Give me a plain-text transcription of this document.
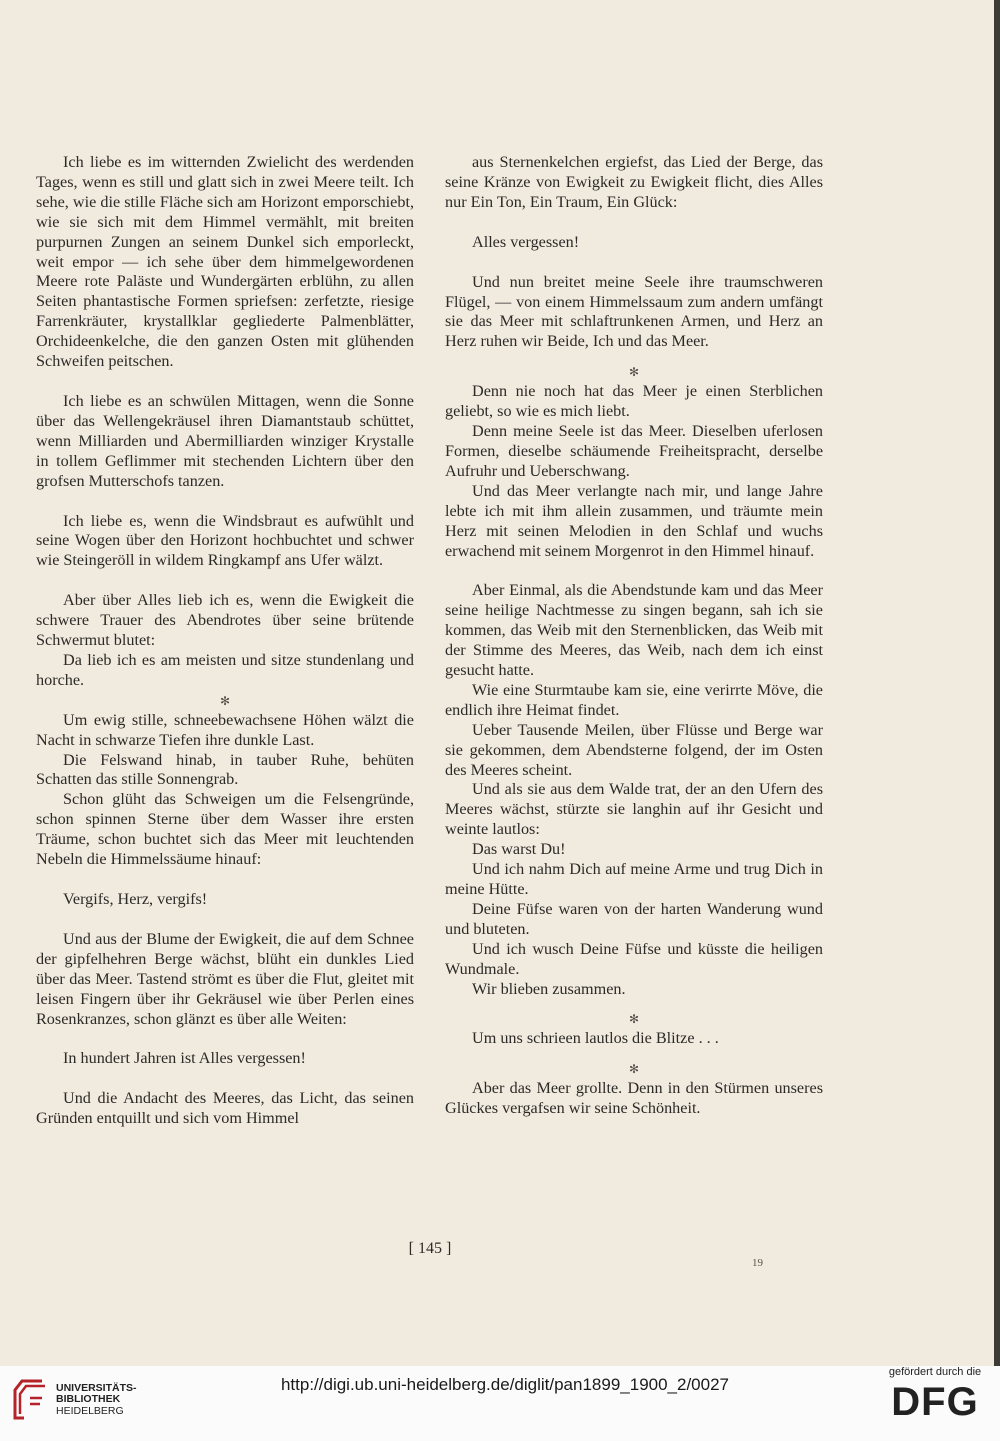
Ich liebe es im witternden Zwielicht des werdenden Tages, wenn es still und glatt sich in zwei Meere teilt. Ich sehe, wie die stille Fläche sich am Horizont emporschiebt, wie sie sich mit dem Himmel vermählt, mit breiten purpurnen Zungen an seinem Dunkel sich emporleckt, weit empor — ich sehe über dem himmelgewordenen Meere rote Paläste und Wundergärten erblühn, zu allen Seiten phantastische Formen spriefsen: zerfetzte, riesige Farrenkräuter, krystallklar gegliederte Palmenblätter, Orchideenkelche, die den ganzen Osten mit glühenden Schweifen peitschen.

Ich liebe es an schwülen Mittagen, wenn die Sonne über das Wellengekräusel ihren Diamantstaub schüttet, wenn Milliarden und Abermilliarden winziger Krystalle in tollem Geflimmer mit stechenden Lichtern über den grofsen Mutterschofs tanzen.

Ich liebe es, wenn die Windsbraut es aufwühlt und seine Wogen über den Horizont hochbuchtet und schwer wie Steingeröll in wildem Ringkampf ans Ufer wälzt.

Aber über Alles lieb ich es, wenn die Ewigkeit die schwere Trauer des Abendrotes über seine brütende Schwermut blutet:

Da lieb ich es am meisten und sitze stundenlang und horche.

✻

Um ewig stille, schneebewachsene Höhen wälzt die Nacht in schwarze Tiefen ihre dunkle Last.

Die Felswand hinab, in tauber Ruhe, behüten Schatten das stille Sonnengrab.

Schon glüht das Schweigen um die Felsengründe, schon spinnen Sterne über dem Wasser ihre ersten Träume, schon buchtet sich das Meer mit leuchtenden Nebeln die Himmelssäume hinauf:

Vergifs, Herz, vergifs!

Und aus der Blume der Ewigkeit, die auf dem Schnee der gipfelhehren Berge wächst, blüht ein dunkles Lied über das Meer. Tastend strömt es über die Flut, gleitet mit leisen Fingern über ihr Gekräusel wie über Perlen eines Rosenkranzes, schon glänzt es über alle Weiten:

In hundert Jahren ist Alles vergessen!

Und die Andacht des Meeres, das Licht, das seinen Gründen entquillt und sich vom Himmel

aus Sternenkelchen ergiefst, das Lied der Berge, das seine Kränze von Ewigkeit zu Ewigkeit flicht, dies Alles nur Ein Ton, Ein Traum, Ein Glück:

Alles vergessen!

Und nun breitet meine Seele ihre traumschweren Flügel, — von einem Himmelssaum zum andern umfängt sie das Meer mit schlaftrunkenen Armen, und Herz an Herz ruhen wir Beide, Ich und das Meer.

✻

Denn nie noch hat das Meer je einen Sterblichen geliebt, so wie es mich liebt.

Denn meine Seele ist das Meer. Dieselben uferlosen Formen, dieselbe schäumende Freiheitspracht, derselbe Aufruhr und Ueberschwang.

Und das Meer verlangte nach mir, und lange Jahre lebte ich mit ihm allein zusammen, und träumte mein Herz mit seinen Melodien in den Schlaf und wuchs erwachend mit seinem Morgenrot in den Himmel hinauf.

Aber Einmal, als die Abendstunde kam und das Meer seine heilige Nachtmesse zu singen begann, sah ich sie kommen, das Weib mit den Sternenblicken, das Weib mit der Stimme des Meeres, das Weib, nach dem ich einst gesucht hatte.

Wie eine Sturmtaube kam sie, eine verirrte Möve, die endlich ihre Heimat findet.

Ueber Tausende Meilen, über Flüsse und Berge war sie gekommen, dem Abendsterne folgend, der im Osten des Meeres scheint.

Und als sie aus dem Walde trat, der an den Ufern des Meeres wächst, stürzte sie langhin auf ihr Gesicht und weinte lautlos:

Das warst Du!

Und ich nahm Dich auf meine Arme und trug Dich in meine Hütte.

Deine Füfse waren von der harten Wanderung wund und bluteten.

Und ich wusch Deine Füfse und küsste die heiligen Wundmale.

Wir blieben zusammen.

✻

Um uns schrieen lautlos die Blitze . . .

✻

Aber das Meer grollte. Denn in den Stürmen unseres Glückes vergafsen wir seine Schönheit.

[ 145 ]
19
UNIVERSITÄTS-
BIBLIOTHEK
HEIDELBERG
http://digi.ub.uni-heidelberg.de/diglit/pan1899_1900_2/0027
gefördert durch die
DFG
